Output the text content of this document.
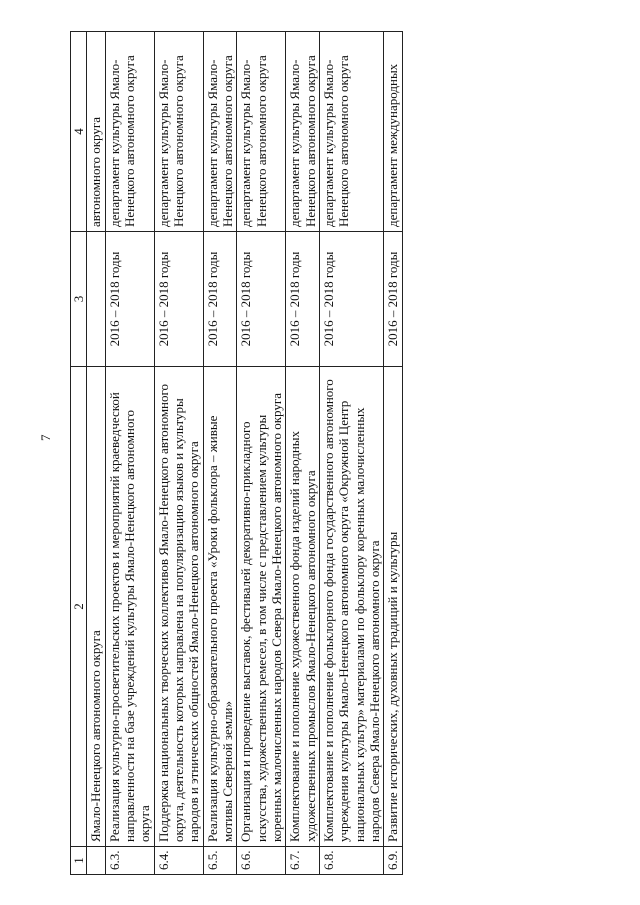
7
1	2	3	4
	Ямало-Ненецкого автономного округа		автономного округа
6.3.	Реализация культурно-просветительских проектов и мероприятий краеведческой направленности на базе учреждений культуры Ямало-Ненецкого автономного округа	2016 – 2018 годы	департамент культуры Ямало-Ненецкого автономного округа
6.4.	Поддержка национальных творческих коллективов Ямало-Ненецкого автономного округа, деятельность которых направлена на популяризацию языков и культуры народов и этнических общностей Ямало-Ненецкого автономного округа	2016 – 2018 годы	департамент культуры Ямало-Ненецкого автономного округа
6.5.	Реализация культурно-образовательного проекта «Уроки фольклора – живые мотивы Северной земли»	2016 – 2018 годы	департамент культуры Ямало-Ненецкого автономного округа
6.6.	Организация и проведение выставок, фестивалей декоративно-прикладного искусства, художественных ремесел, в том числе с представлением культуры коренных малочисленных народов Севера Ямало-Ненецкого автономного округа	2016 – 2018 годы	департамент культуры Ямало-Ненецкого автономного округа
6.7.	Комплектование и пополнение художественного фонда изделий народных художественных промыслов Ямало-Ненецкого автономного округа	2016 – 2018 годы	департамент культуры Ямало-Ненецкого автономного округа
6.8.	Комплектование и пополнение фольклорного фонда государственного автономного учреждения культуры Ямало-Ненецкого автономного округа «Окружной Центр национальных культур» материалами по фольклору коренных малочисленных народов Севера Ямало-Ненецкого автономного округа	2016 – 2018 годы	департамент культуры Ямало-Ненецкого автономного округа
6.9.	Развитие исторических, духовных традиций и культуры	2016 – 2018 годы	департамент международных
